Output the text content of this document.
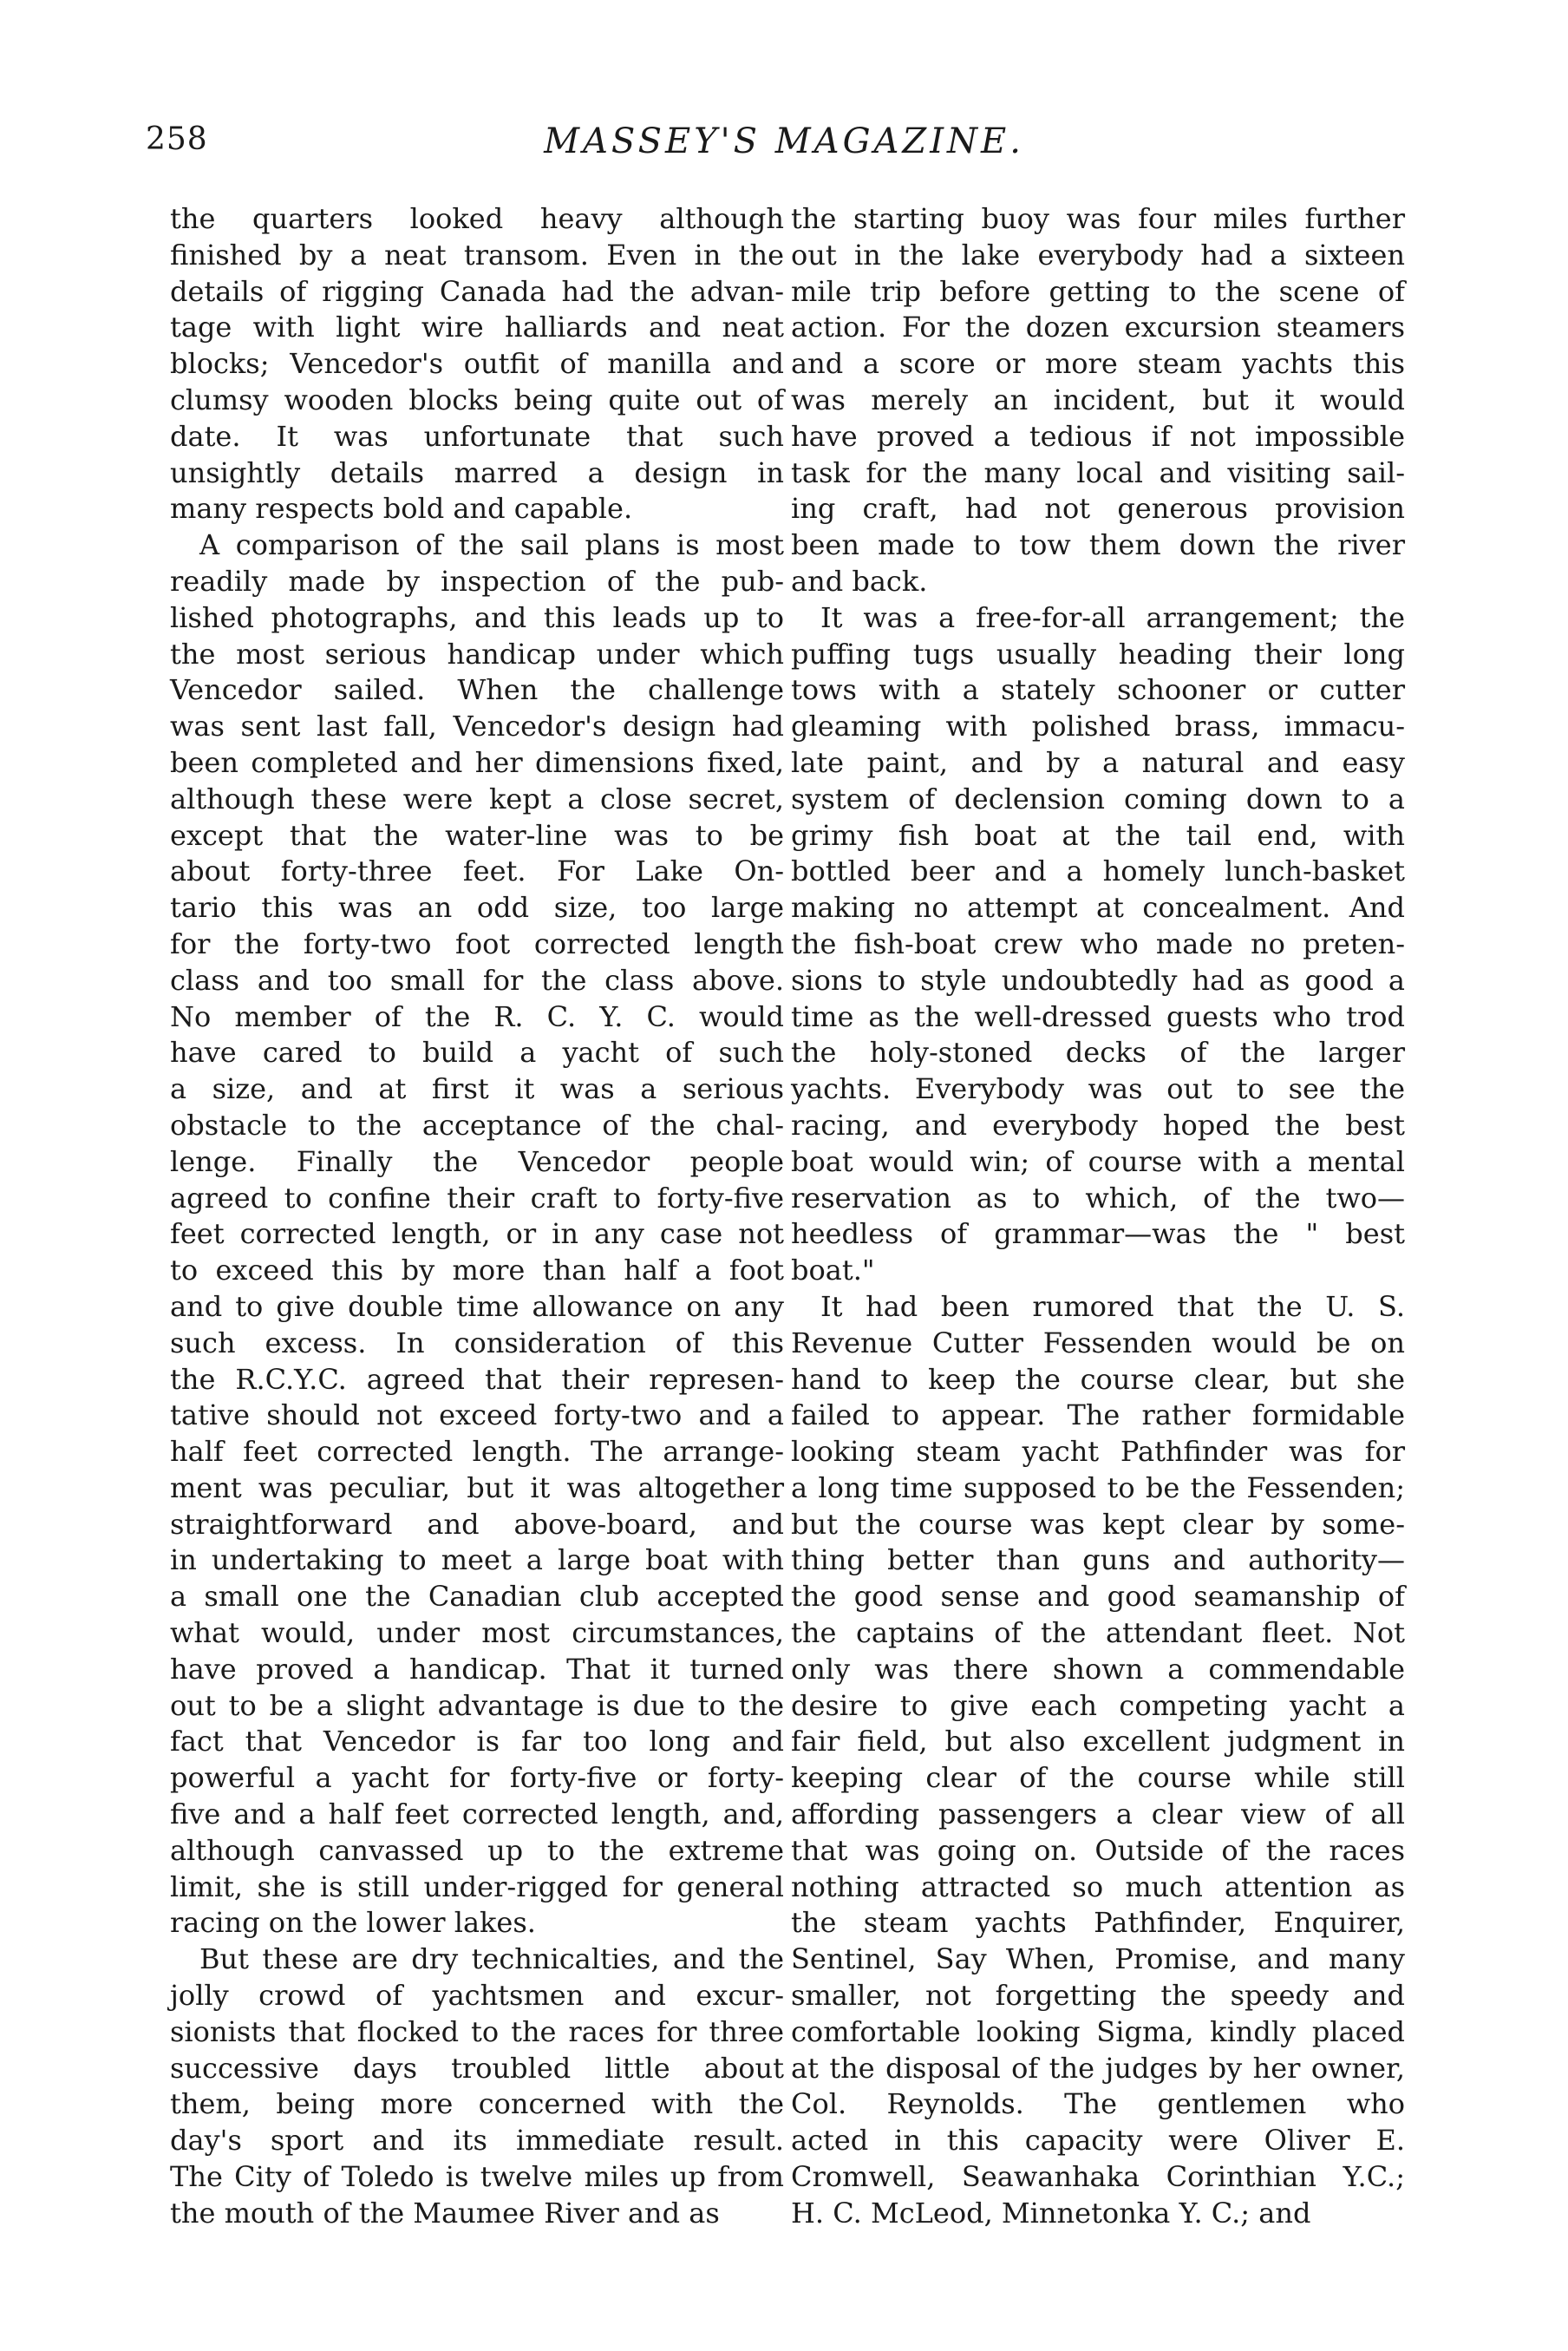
258	MASSEY'S MAGAZINE.

the quarters looked heavy although
finished by a neat transom. Even in the
details of rigging Canada had the advan-
tage with light wire halliards and neat
blocks; Vencedor's outfit of manilla and
clumsy wooden blocks being quite out of
date. It was unfortunate that such
unsightly details marred a design in
many respects bold and capable.

A comparison of the sail plans is most
readily made by inspection of the pub-
lished photographs, and this leads up to
the most serious handicap under which
Vencedor sailed. When the challenge
was sent last fall, Vencedor's design had
been completed and her dimensions fixed,
although these were kept a close secret,
except that the water-line was to be
about forty-three feet. For Lake On-
tario this was an odd size, too large
for the forty-two foot corrected length
class and too small for the class above.
No member of the R. C. Y. C. would
have cared to build a yacht of such
a size, and at first it was a serious
obstacle to the acceptance of the chal-
lenge. Finally the Vencedor people
agreed to confine their craft to forty-five
feet corrected length, or in any case not
to exceed this by more than half a foot
and to give double time allowance on any
such excess. In consideration of this
the R.C.Y.C. agreed that their represen-
tative should not exceed forty-two and a
half feet corrected length. The arrange-
ment was peculiar, but it was altogether
straightforward and above-board, and
in undertaking to meet a large boat with
a small one the Canadian club accepted
what would, under most circumstances,
have proved a handicap. That it turned
out to be a slight advantage is due to the
fact that Vencedor is far too long and
powerful a yacht for forty-five or forty-
five and a half feet corrected length, and,
although canvassed up to the extreme
limit, she is still under-rigged for general
racing on the lower lakes.

But these are dry technicalties, and the
jolly crowd of yachtsmen and excur-
sionists that flocked to the races for three
successive days troubled little about
them, being more concerned with the
day's sport and its immediate result.
The City of Toledo is twelve miles up from
the mouth of the Maumee River and as

the starting buoy was four miles further
out in the lake everybody had a sixteen
mile trip before getting to the scene of
action. For the dozen excursion steamers
and a score or more steam yachts this
was merely an incident, but it would
have proved a tedious if not impossible
task for the many local and visiting sail-
ing craft, had not generous provision
been made to tow them down the river
and back.

It was a free-for-all arrangement; the
puffing tugs usually heading their long
tows with a stately schooner or cutter
gleaming with polished brass, immacu-
late paint, and by a natural and easy
system of declension coming down to a
grimy fish boat at the tail end, with
bottled beer and a homely lunch-basket
making no attempt at concealment. And
the fish-boat crew who made no preten-
sions to style undoubtedly had as good a
time as the well-dressed guests who trod
the holy-stoned decks of the larger
yachts. Everybody was out to see the
racing, and everybody hoped the best
boat would win; of course with a mental
reservation as to which, of the two—
heedless of grammar—was the " best
boat."

It had been rumored that the U. S.
Revenue Cutter Fessenden would be on
hand to keep the course clear, but she
failed to appear. The rather formidable
looking steam yacht Pathfinder was for
a long time supposed to be the Fessenden;
but the course was kept clear by some-
thing better than guns and authority—
the good sense and good seamanship of
the captains of the attendant fleet. Not
only was there shown a commendable
desire to give each competing yacht a
fair field, but also excellent judgment in
keeping clear of the course while still
affording passengers a clear view of all
that was going on. Outside of the races
nothing attracted so much attention as
the steam yachts Pathfinder, Enquirer,
Sentinel, Say When, Promise, and many
smaller, not forgetting the speedy and
comfortable looking Sigma, kindly placed
at the disposal of the judges by her owner,
Col. Reynolds. The gentlemen who
acted in this capacity were Oliver E.
Cromwell, Seawanhaka Corinthian Y.C.;
H. C. McLeod, Minnetonka Y. C.; and
